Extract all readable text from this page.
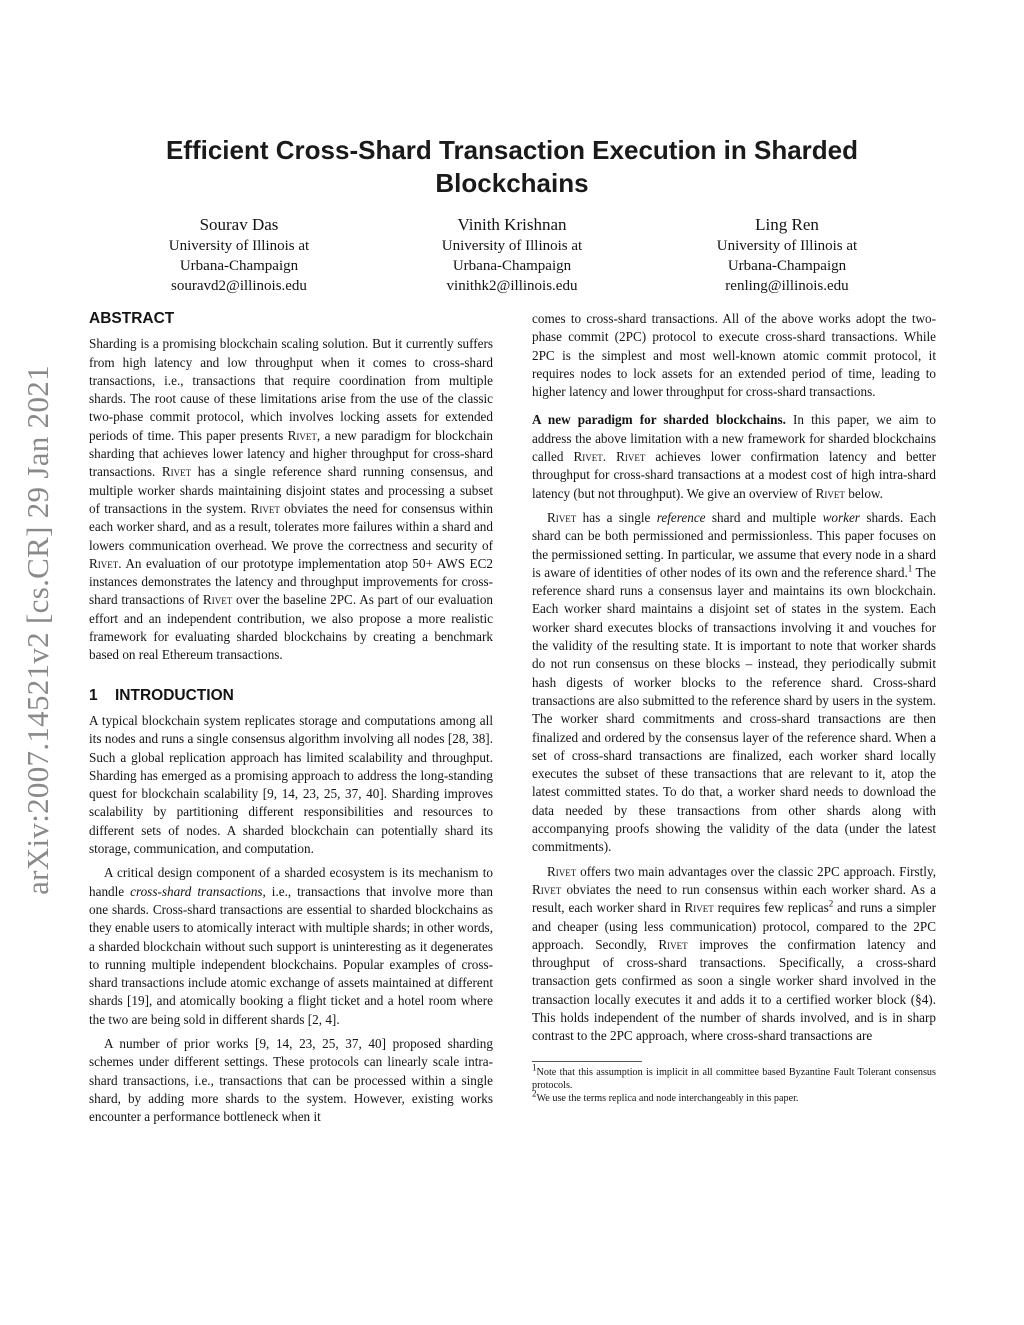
arXiv:2007.14521v2 [cs.CR] 29 Jan 2021
Efficient Cross-Shard Transaction Execution in Sharded Blockchains
Sourav Das
University of Illinois at
Urbana-Champaign
souravd2@illinois.edu
Vinith Krishnan
University of Illinois at
Urbana-Champaign
vinithk2@illinois.edu
Ling Ren
University of Illinois at
Urbana-Champaign
renling@illinois.edu
ABSTRACT

Sharding is a promising blockchain scaling solution. But it currently suffers from high latency and low throughput when it comes to cross-shard transactions, i.e., transactions that require coordination from multiple shards. The root cause of these limitations arise from the use of the classic two-phase commit protocol, which involves locking assets for extended periods of time. This paper presents Rivet, a new paradigm for blockchain sharding that achieves lower latency and higher throughput for cross-shard transactions. Rivet has a single reference shard running consensus, and multiple worker shards maintaining disjoint states and processing a subset of transactions in the system. Rivet obviates the need for consensus within each worker shard, and as a result, tolerates more failures within a shard and lowers communication overhead. We prove the correctness and security of Rivet. An evaluation of our prototype implementation atop 50+ AWS EC2 instances demonstrates the latency and throughput improvements for cross-shard transactions of Rivet over the baseline 2PC. As part of our evaluation effort and an independent contribution, we also propose a more realistic framework for evaluating sharded blockchains by creating a benchmark based on real Ethereum transactions.

1 INTRODUCTION

A typical blockchain system replicates storage and computations among all its nodes and runs a single consensus algorithm involving all nodes [28, 38]. Such a global replication approach has limited scalability and throughput. Sharding has emerged as a promising approach to address the long-standing quest for blockchain scalability [9, 14, 23, 25, 37, 40]. Sharding improves scalability by partitioning different responsibilities and resources to different sets of nodes. A sharded blockchain can potentially shard its storage, communication, and computation.

A critical design component of a sharded ecosystem is its mechanism to handle cross-shard transactions, i.e., transactions that involve more than one shards. Cross-shard transactions are essential to sharded blockchains as they enable users to atomically interact with multiple shards; in other words, a sharded blockchain without such support is uninteresting as it degenerates to running multiple independent blockchains. Popular examples of cross-shard transactions include atomic exchange of assets maintained at different shards [19], and atomically booking a flight ticket and a hotel room where the two are being sold in different shards [2, 4].

A number of prior works [9, 14, 23, 25, 37, 40] proposed sharding schemes under different settings. These protocols can linearly scale intra-shard transactions, i.e., transactions that can be processed within a single shard, by adding more shards to the system. However, existing works encounter a performance bottleneck when it

comes to cross-shard transactions. All of the above works adopt the two-phase commit (2PC) protocol to execute cross-shard transactions. While 2PC is the simplest and most well-known atomic commit protocol, it requires nodes to lock assets for an extended period of time, leading to higher latency and lower throughput for cross-shard transactions.

A new paradigm for sharded blockchains. In this paper, we aim to address the above limitation with a new framework for sharded blockchains called Rivet. Rivet achieves lower confirmation latency and better throughput for cross-shard transactions at a modest cost of high intra-shard latency (but not throughput). We give an overview of Rivet below.

Rivet has a single reference shard and multiple worker shards. Each shard can be both permissioned and permissionless. This paper focuses on the permissioned setting. In particular, we assume that every node in a shard is aware of identities of other nodes of its own and the reference shard.$^1$ The reference shard runs a consensus layer and maintains its own blockchain. Each worker shard maintains a disjoint set of states in the system. Each worker shard executes blocks of transactions involving it and vouches for the validity of the resulting state. It is important to note that worker shards do not run consensus on these blocks – instead, they periodically submit hash digests of worker blocks to the reference shard. Cross-shard transactions are also submitted to the reference shard by users in the system. The worker shard commitments and cross-shard transactions are then finalized and ordered by the consensus layer of the reference shard. When a set of cross-shard transactions are finalized, each worker shard locally executes the subset of these transactions that are relevant to it, atop the latest committed states. To do that, a worker shard needs to download the data needed by these transactions from other shards along with accompanying proofs showing the validity of the data (under the latest commitments).

Rivet offers two main advantages over the classic 2PC approach. Firstly, Rivet obviates the need to run consensus within each worker shard. As a result, each worker shard in Rivet requires few replicas$^2$ and runs a simpler and cheaper (using less communication) protocol, compared to the 2PC approach. Secondly, Rivet improves the confirmation latency and throughput of cross-shard transactions. Specifically, a cross-shard transaction gets confirmed as soon a single worker shard involved in the transaction locally executes it and adds it to a certified worker block (§4). This holds independent of the number of shards involved, and is in sharp contrast to the 2PC approach, where cross-shard transactions are

$^1$Note that this assumption is implicit in all committee based Byzantine Fault Tolerant consensus protocols.
$^2$We use the terms replica and node interchangeably in this paper.
